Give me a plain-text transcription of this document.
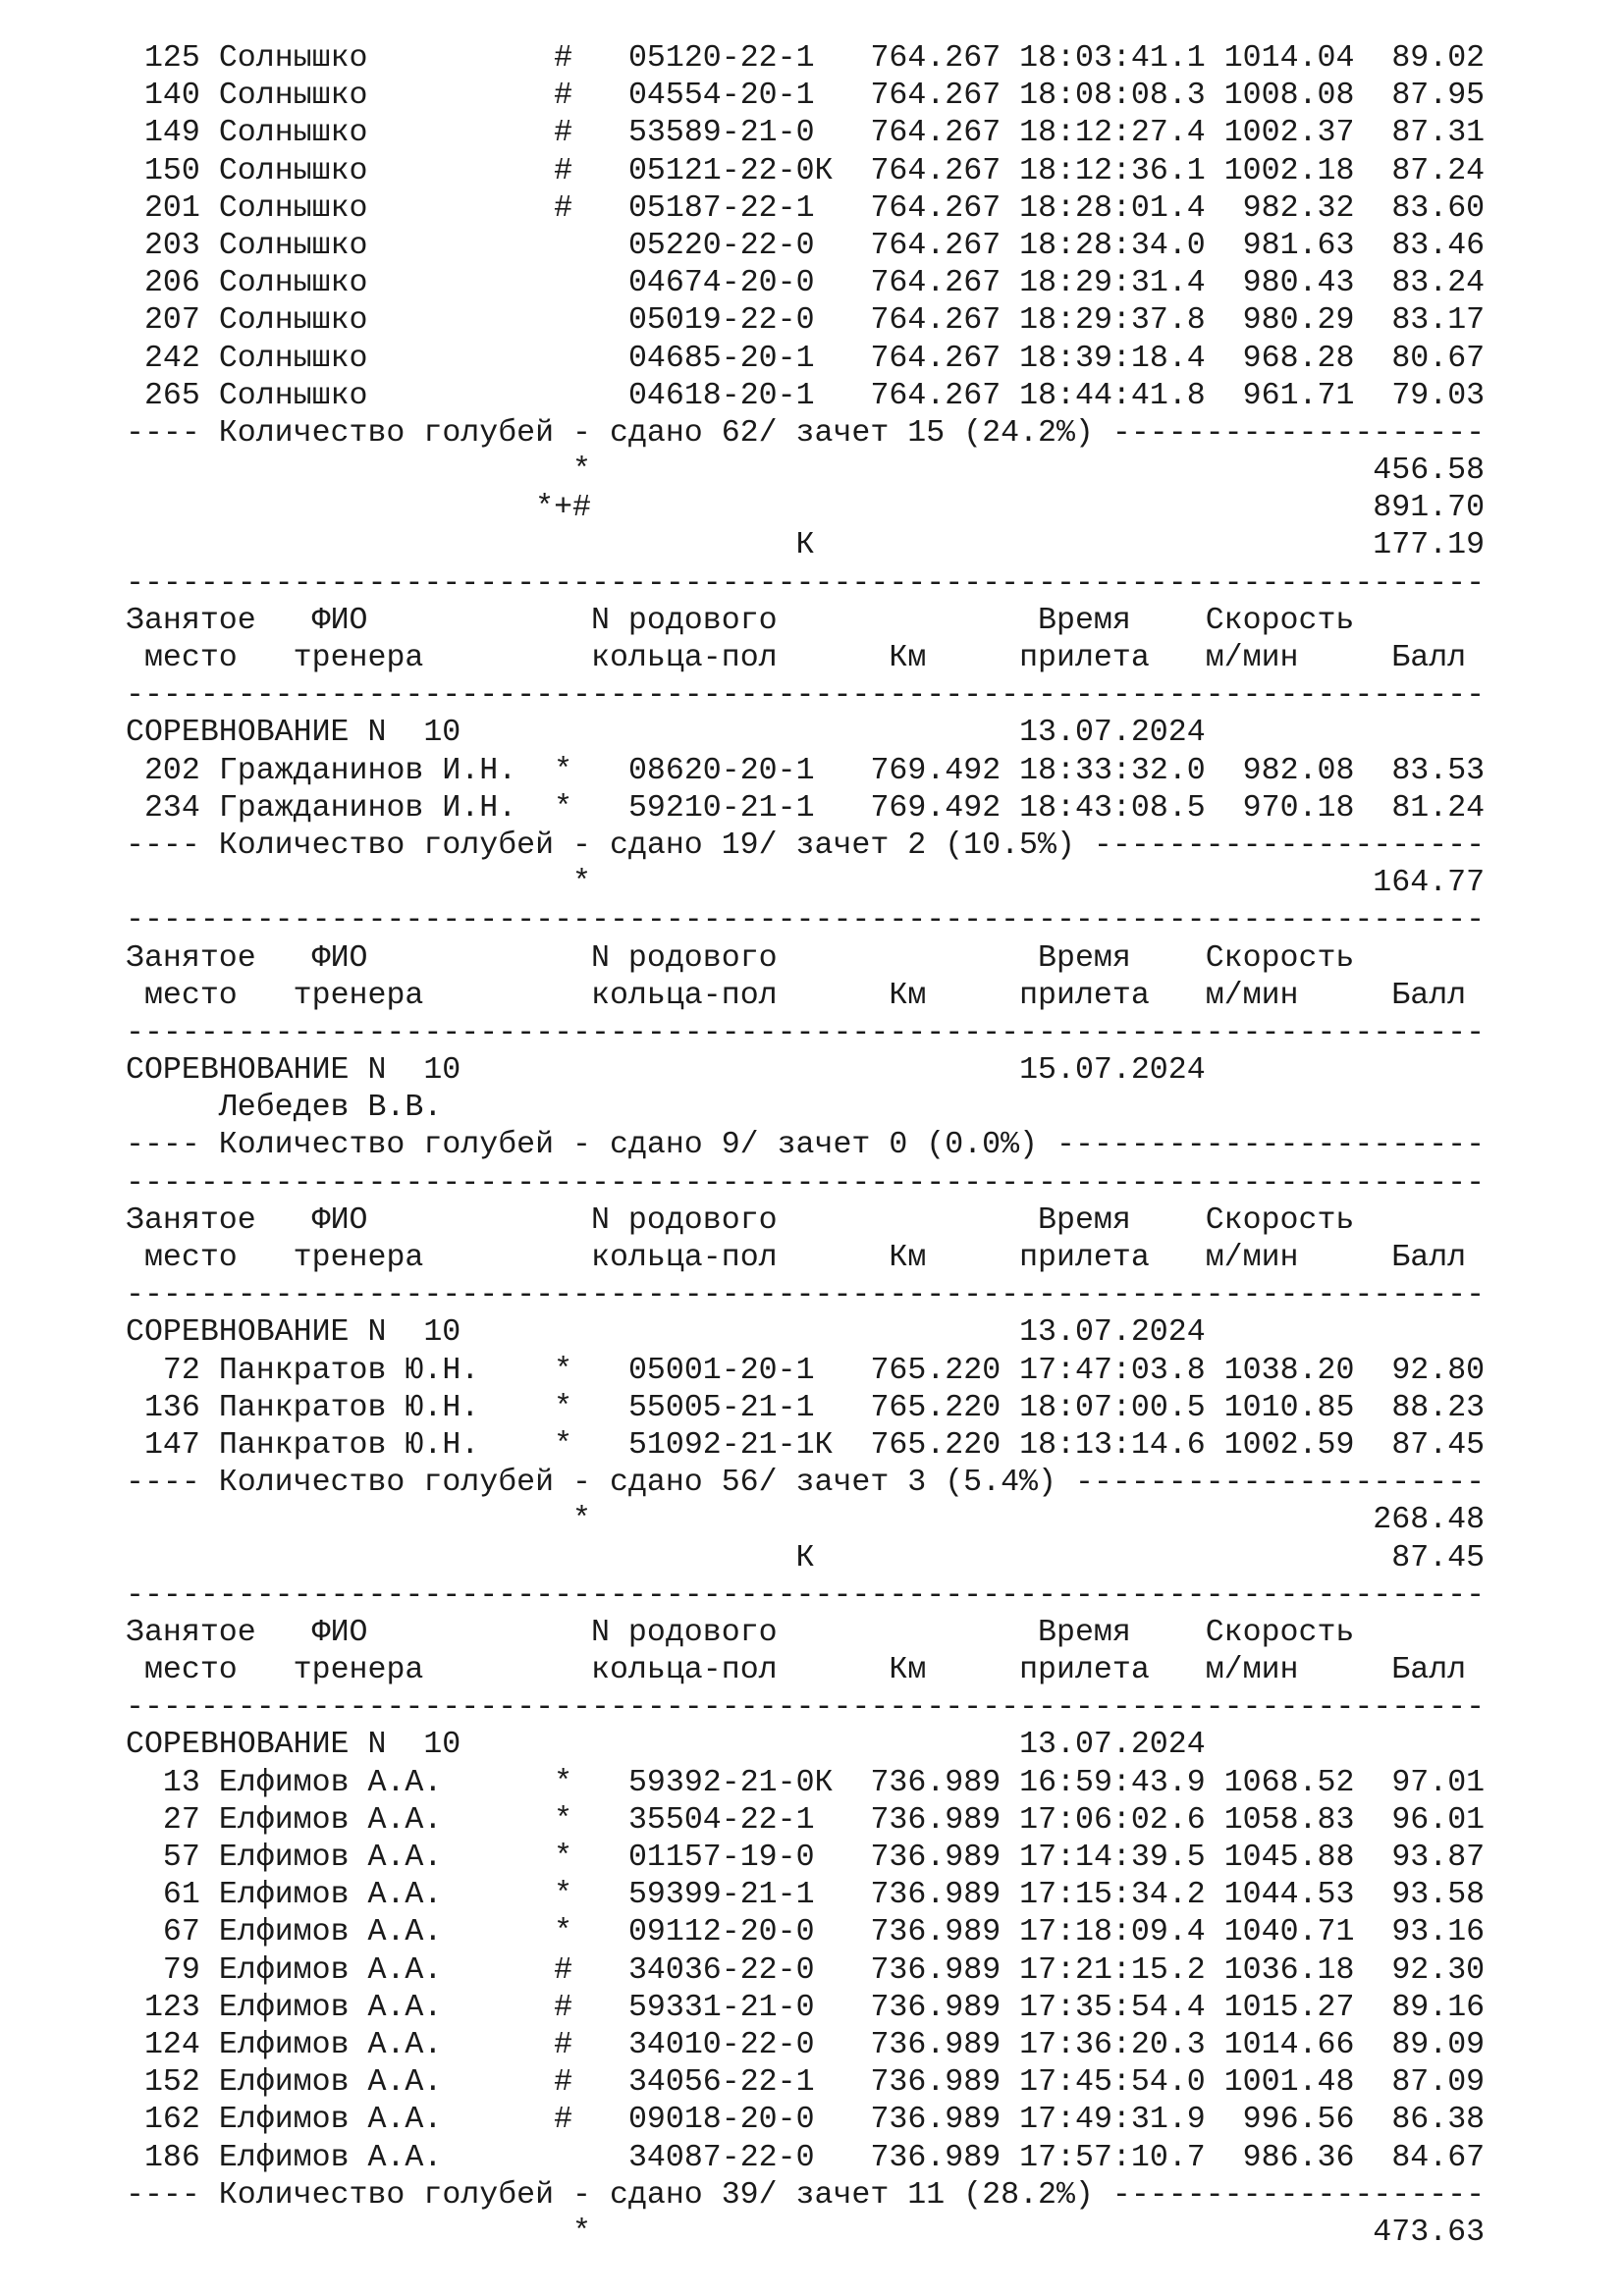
125 Солнышко          # 05120-22-1   764.267 18:03:41.1 1014.04 89.02
140 Солнышко          # 04554-20-1   764.267 18:08:08.3 1008.08 87.95
149 Солнышко          # 53589-21-0   764.267 18:12:27.4 1002.37 87.31
150 Солнышко          # 05121-22-0К 764.267 18:12:36.1 1002.18 87.24
201 Солнышко          # 05187-22-1   764.267 18:28:01.4  982.32 83.60
203 Солнышко	05220-22-0   764.267 18:28:34.0  981.63 83.46
206 Солнышко	04674-20-0   764.267 18:29:31.4  980.43 83.24
207 Солнышко	05019-22-0   764.267 18:29:37.8  980.29 83.17
242 Солнышко	04685-20-1   764.267 18:39:18.4  968.28 80.67
265 Солнышко	04618-20-1   764.267 18:44:41.8  961.71 79.03
---- Количество голубей - сдано 62/ зачет 15 (24.2%) --------------------
*	456.58
*+#	891.70
К	177.19
-------------------------------------------------------------------------
Занятое ФИО	N родового	Время Скорость
место тренера	кольца-пол	Км	прилета м/мин	Балл
-------------------------------------------------------------------------
СОРЕВНОВАНИЕ N  10	13.07.2024
202 Гражданинов И.Н.  * 08620-20-1   769.492 18:33:32.0  982.08 83.53
234 Гражданинов И.Н.  * 59210-21-1   769.492 18:43:08.5  970.18 81.24
---- Количество голубей - сдано 19/ зачет 2 (10.5%) ---------------------
*	164.77
-------------------------------------------------------------------------
Занятое ФИО	N родового	Время Скорость
место тренера	кольца-пол	Км	прилета м/мин	Балл
-------------------------------------------------------------------------
СОРЕВНОВАНИЕ N  10	15.07.2024
Лебедев В.В.
---- Количество голубей - сдано 9/ зачет 0 (0.0%) -----------------------
-------------------------------------------------------------------------
Занятое ФИО	N родового	Время Скорость
место тренера	кольца-пол	Км	прилета м/мин	Балл
-------------------------------------------------------------------------
СОРЕВНОВАНИЕ N  10	13.07.2024
72 Панкратов Ю.Н.    * 05001-20-1   765.220 17:47:03.8 1038.20 92.80
136 Панкратов Ю.Н.    * 55005-21-1   765.220 18:07:00.5 1010.85 88.23
147 Панкратов Ю.Н.    * 51092-21-1К 765.220 18:13:14.6 1002.59 87.45
---- Количество голубей - сдано 56/ зачет 3 (5.4%) ----------------------
*	268.48
К	87.45
-------------------------------------------------------------------------
Занятое ФИО	N родового	Время Скорость
место тренера	кольца-пол	Км	прилета м/мин	Балл
-------------------------------------------------------------------------
СОРЕВНОВАНИЕ N  10	13.07.2024
13 Елфимов А.А.      * 59392-21-0К 736.989 16:59:43.9 1068.52 97.01
27 Елфимов А.А.      * 35504-22-1   736.989 17:06:02.6 1058.83 96.01
57 Елфимов А.А.      * 01157-19-0   736.989 17:14:39.5 1045.88 93.87
61 Елфимов А.А.      * 59399-21-1   736.989 17:15:34.2 1044.53 93.58
67 Елфимов А.А.      * 09112-20-0   736.989 17:18:09.4 1040.71 93.16
79 Елфимов А.А.      # 34036-22-0   736.989 17:21:15.2 1036.18 92.30
123 Елфимов А.А.      # 59331-21-0   736.989 17:35:54.4 1015.27 89.16
124 Елфимов А.А.      # 34010-22-0   736.989 17:36:20.3 1014.66 89.09
152 Елфимов А.А.      # 34056-22-1   736.989 17:45:54.0 1001.48 87.09
162 Елфимов А.А.      # 09018-20-0   736.989 17:49:31.9  996.56 86.38
186 Елфимов А.А.	34087-22-0   736.989 17:57:10.7  986.36 84.67
---- Количество голубей - сдано 39/ зачет 11 (28.2%) --------------------
*	473.63
